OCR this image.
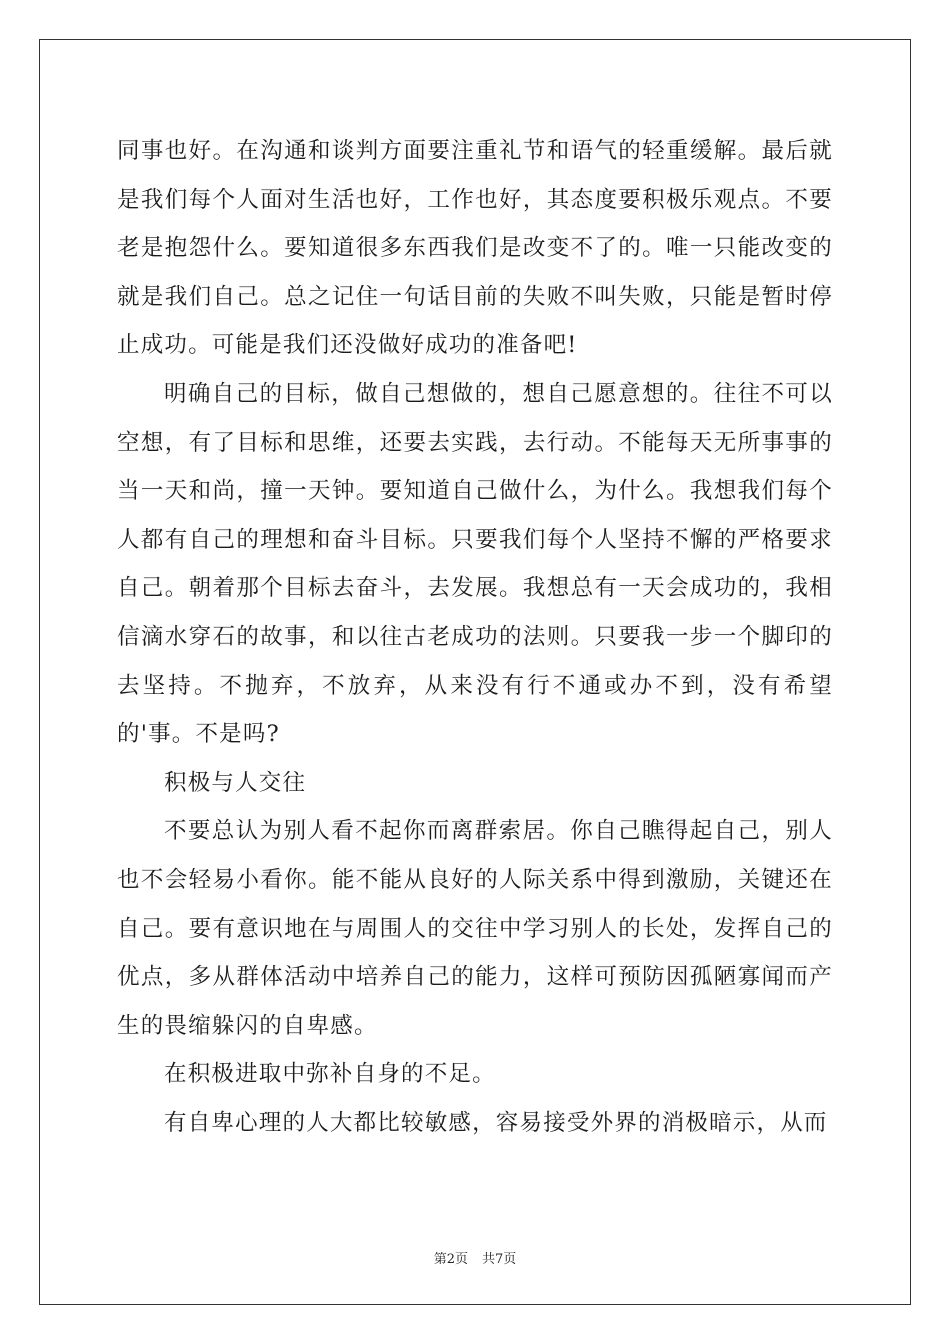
同事也好。在沟通和谈判方面要注重礼节和语气的轻重缓解。最后就是我们每个人面对生活也好，工作也好，其态度要积极乐观点。不要老是抱怨什么。要知道很多东西我们是改变不了的。唯一只能改变的就是我们自己。总之记住一句话目前的失败不叫失败，只能是暂时停止成功。可能是我们还没做好成功的准备吧!

明确自己的目标，做自己想做的，想自己愿意想的。往往不可以空想，有了目标和思维，还要去实践，去行动。不能每天无所事事的当一天和尚，撞一天钟。要知道自己做什么，为什么。我想我们每个人都有自己的理想和奋斗目标。只要我们每个人坚持不懈的严格要求自己。朝着那个目标去奋斗，去发展。我想总有一天会成功的，我相信滴水穿石的故事，和以往古老成功的法则。只要我一步一个脚印的去坚持。不抛弃，不放弃，从来没有行不通或办不到，没有希望的'事。不是吗?

积极与人交往

不要总认为别人看不起你而离群索居。你自己瞧得起自己，别人也不会轻易小看你。能不能从良好的人际关系中得到激励，关键还在自己。要有意识地在与周围人的交往中学习别人的长处，发挥自己的优点，多从群体活动中培养自己的能力，这样可预防因孤陋寡闻而产生的畏缩躲闪的自卑感。

在积极进取中弥补自身的不足。

有自卑心理的人大都比较敏感，容易接受外界的消极暗示，从而

第2页 共7页
